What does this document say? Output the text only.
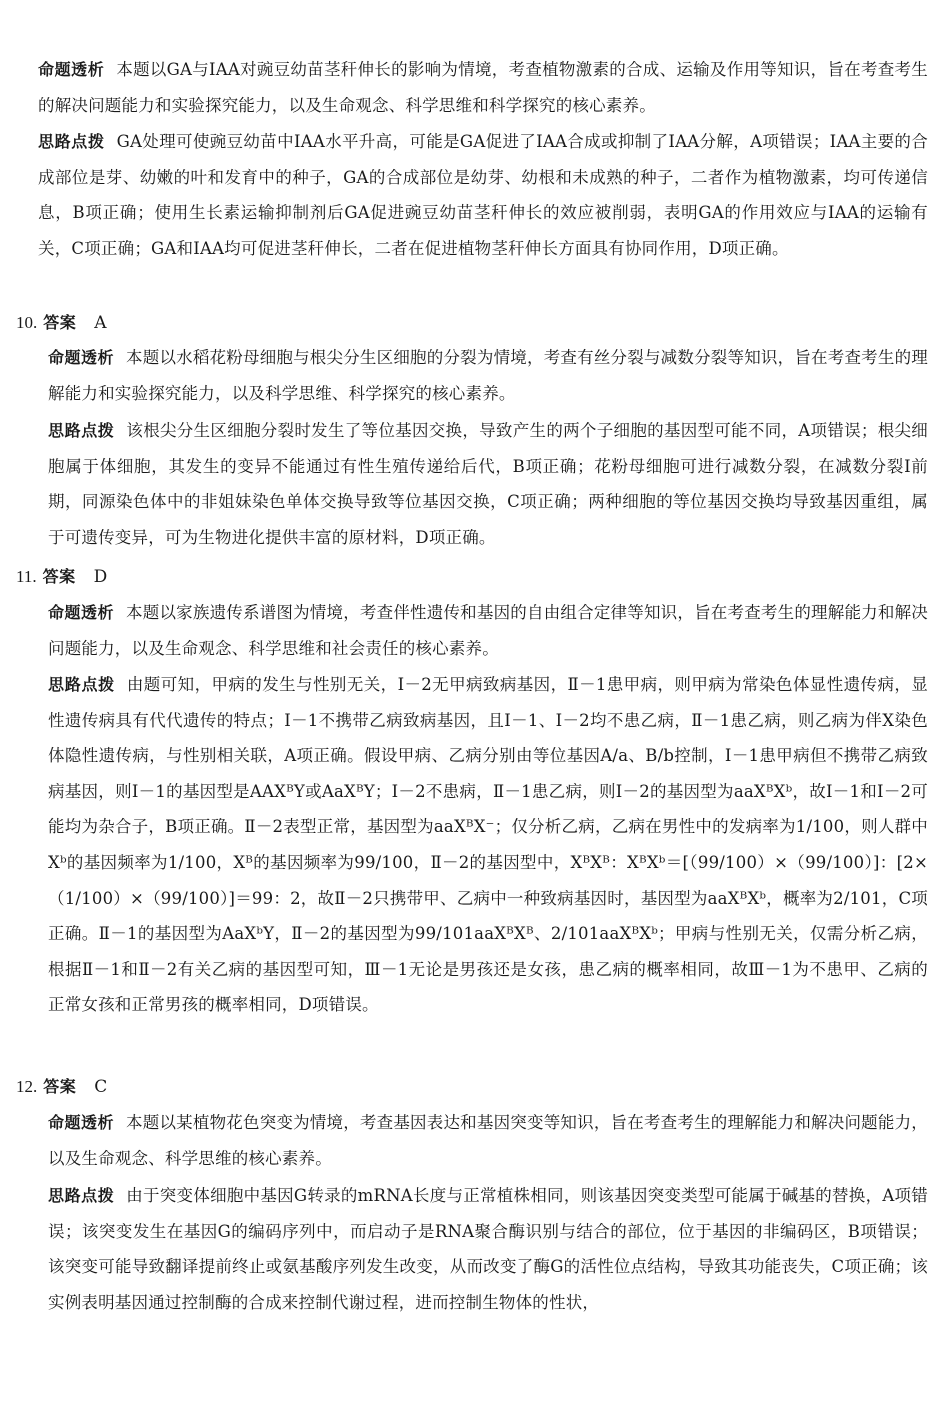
命题透析 本题以GA与IAA对豌豆幼苗茎秆伸长的影响为情境，考查植物激素的合成、运输及作用等知识，旨在考查考生的解决问题能力和实验探究能力，以及生命观念、科学思维和科学探究的核心素养。

思路点拨 GA处理可使豌豆幼苗中IAA水平升高，可能是GA促进了IAA合成或抑制了IAA分解，A项错误；IAA主要的合成部位是芽、幼嫩的叶和发育中的种子，GA的合成部位是幼芽、幼根和未成熟的种子，二者作为植物激素，均可传递信息，B项正确；使用生长素运输抑制剂后GA促进豌豆幼苗茎秆伸长的效应被削弱，表明GA的作用效应与IAA的运输有关，C项正确；GA和IAA均可促进茎秆伸长，二者在促进植物茎秆伸长方面具有协同作用，D项正确。

10. 答案 A

命题透析 本题以水稻花粉母细胞与根尖分生区细胞的分裂为情境，考查有丝分裂与减数分裂等知识，旨在考查考生的理解能力和实验探究能力，以及科学思维、科学探究的核心素养。

思路点拨 该根尖分生区细胞分裂时发生了等位基因交换，导致产生的两个子细胞的基因型可能不同，A项错误；根尖细胞属于体细胞，其发生的变异不能通过有性生殖传递给后代，B项正确；花粉母细胞可进行减数分裂，在减数分裂Ⅰ前期，同源染色体中的非姐妹染色单体交换导致等位基因交换，C项正确；两种细胞的等位基因交换均导致基因重组，属于可遗传变异，可为生物进化提供丰富的原材料，D项正确。

11. 答案 D

命题透析 本题以家族遗传系谱图为情境，考查伴性遗传和基因的自由组合定律等知识，旨在考查考生的理解能力和解决问题能力，以及生命观念、科学思维和社会责任的核心素养。

思路点拨 由题可知，甲病的发生与性别无关，Ⅰ－2无甲病致病基因，Ⅱ－1患甲病，则甲病为常染色体显性遗传病，显性遗传病具有代代遗传的特点；Ⅰ－1不携带乙病致病基因，且Ⅰ－1、Ⅰ－2均不患乙病，Ⅱ－1患乙病，则乙病为伴X染色体隐性遗传病，与性别相关联，A项正确。假设甲病、乙病分别由等位基因A/a、B/b控制，Ⅰ－1患甲病但不携带乙病致病基因，则Ⅰ－1的基因型是AAXᴮY或AaXᴮY；Ⅰ－2不患病，Ⅱ－1患乙病，则Ⅰ－2的基因型为aaXᴮXᵇ，故Ⅰ－1和Ⅰ－2可能均为杂合子，B项正确。Ⅱ－2表型正常，基因型为aaXᴮX⁻；仅分析乙病，乙病在男性中的发病率为1/100，则人群中Xᵇ的基因频率为1/100，Xᴮ的基因频率为99/100，Ⅱ－2的基因型中，XᴮXᴮ：XᴮXᵇ＝[（99/100）×（99/100）]：[2×（1/100）×（99/100）]＝99：2，故Ⅱ－2只携带甲、乙病中一种致病基因时，基因型为aaXᴮXᵇ，概率为2/101，C项正确。Ⅱ－1的基因型为AaXᵇY，Ⅱ－2的基因型为99/101aaXᴮXᴮ、2/101aaXᴮXᵇ；甲病与性别无关，仅需分析乙病，根据Ⅱ－1和Ⅱ－2有关乙病的基因型可知，Ⅲ－1无论是男孩还是女孩，患乙病的概率相同，故Ⅲ－1为不患甲、乙病的正常女孩和正常男孩的概率相同，D项错误。

12. 答案 C

命题透析 本题以某植物花色突变为情境，考查基因表达和基因突变等知识，旨在考查考生的理解能力和解决问题能力，以及生命观念、科学思维的核心素养。

思路点拨 由于突变体细胞中基因G转录的mRNA长度与正常植株相同，则该基因突变类型可能属于碱基的替换，A项错误；该突变发生在基因G的编码序列中，而启动子是RNA聚合酶识别与结合的部位，位于基因的非编码区，B项错误；该突变可能导致翻译提前终止或氨基酸序列发生改变，从而改变了酶G的活性位点结构，导致其功能丧失，C项正确；该实例表明基因通过控制酶的合成来控制代谢过程，进而控制生物体的性状，
